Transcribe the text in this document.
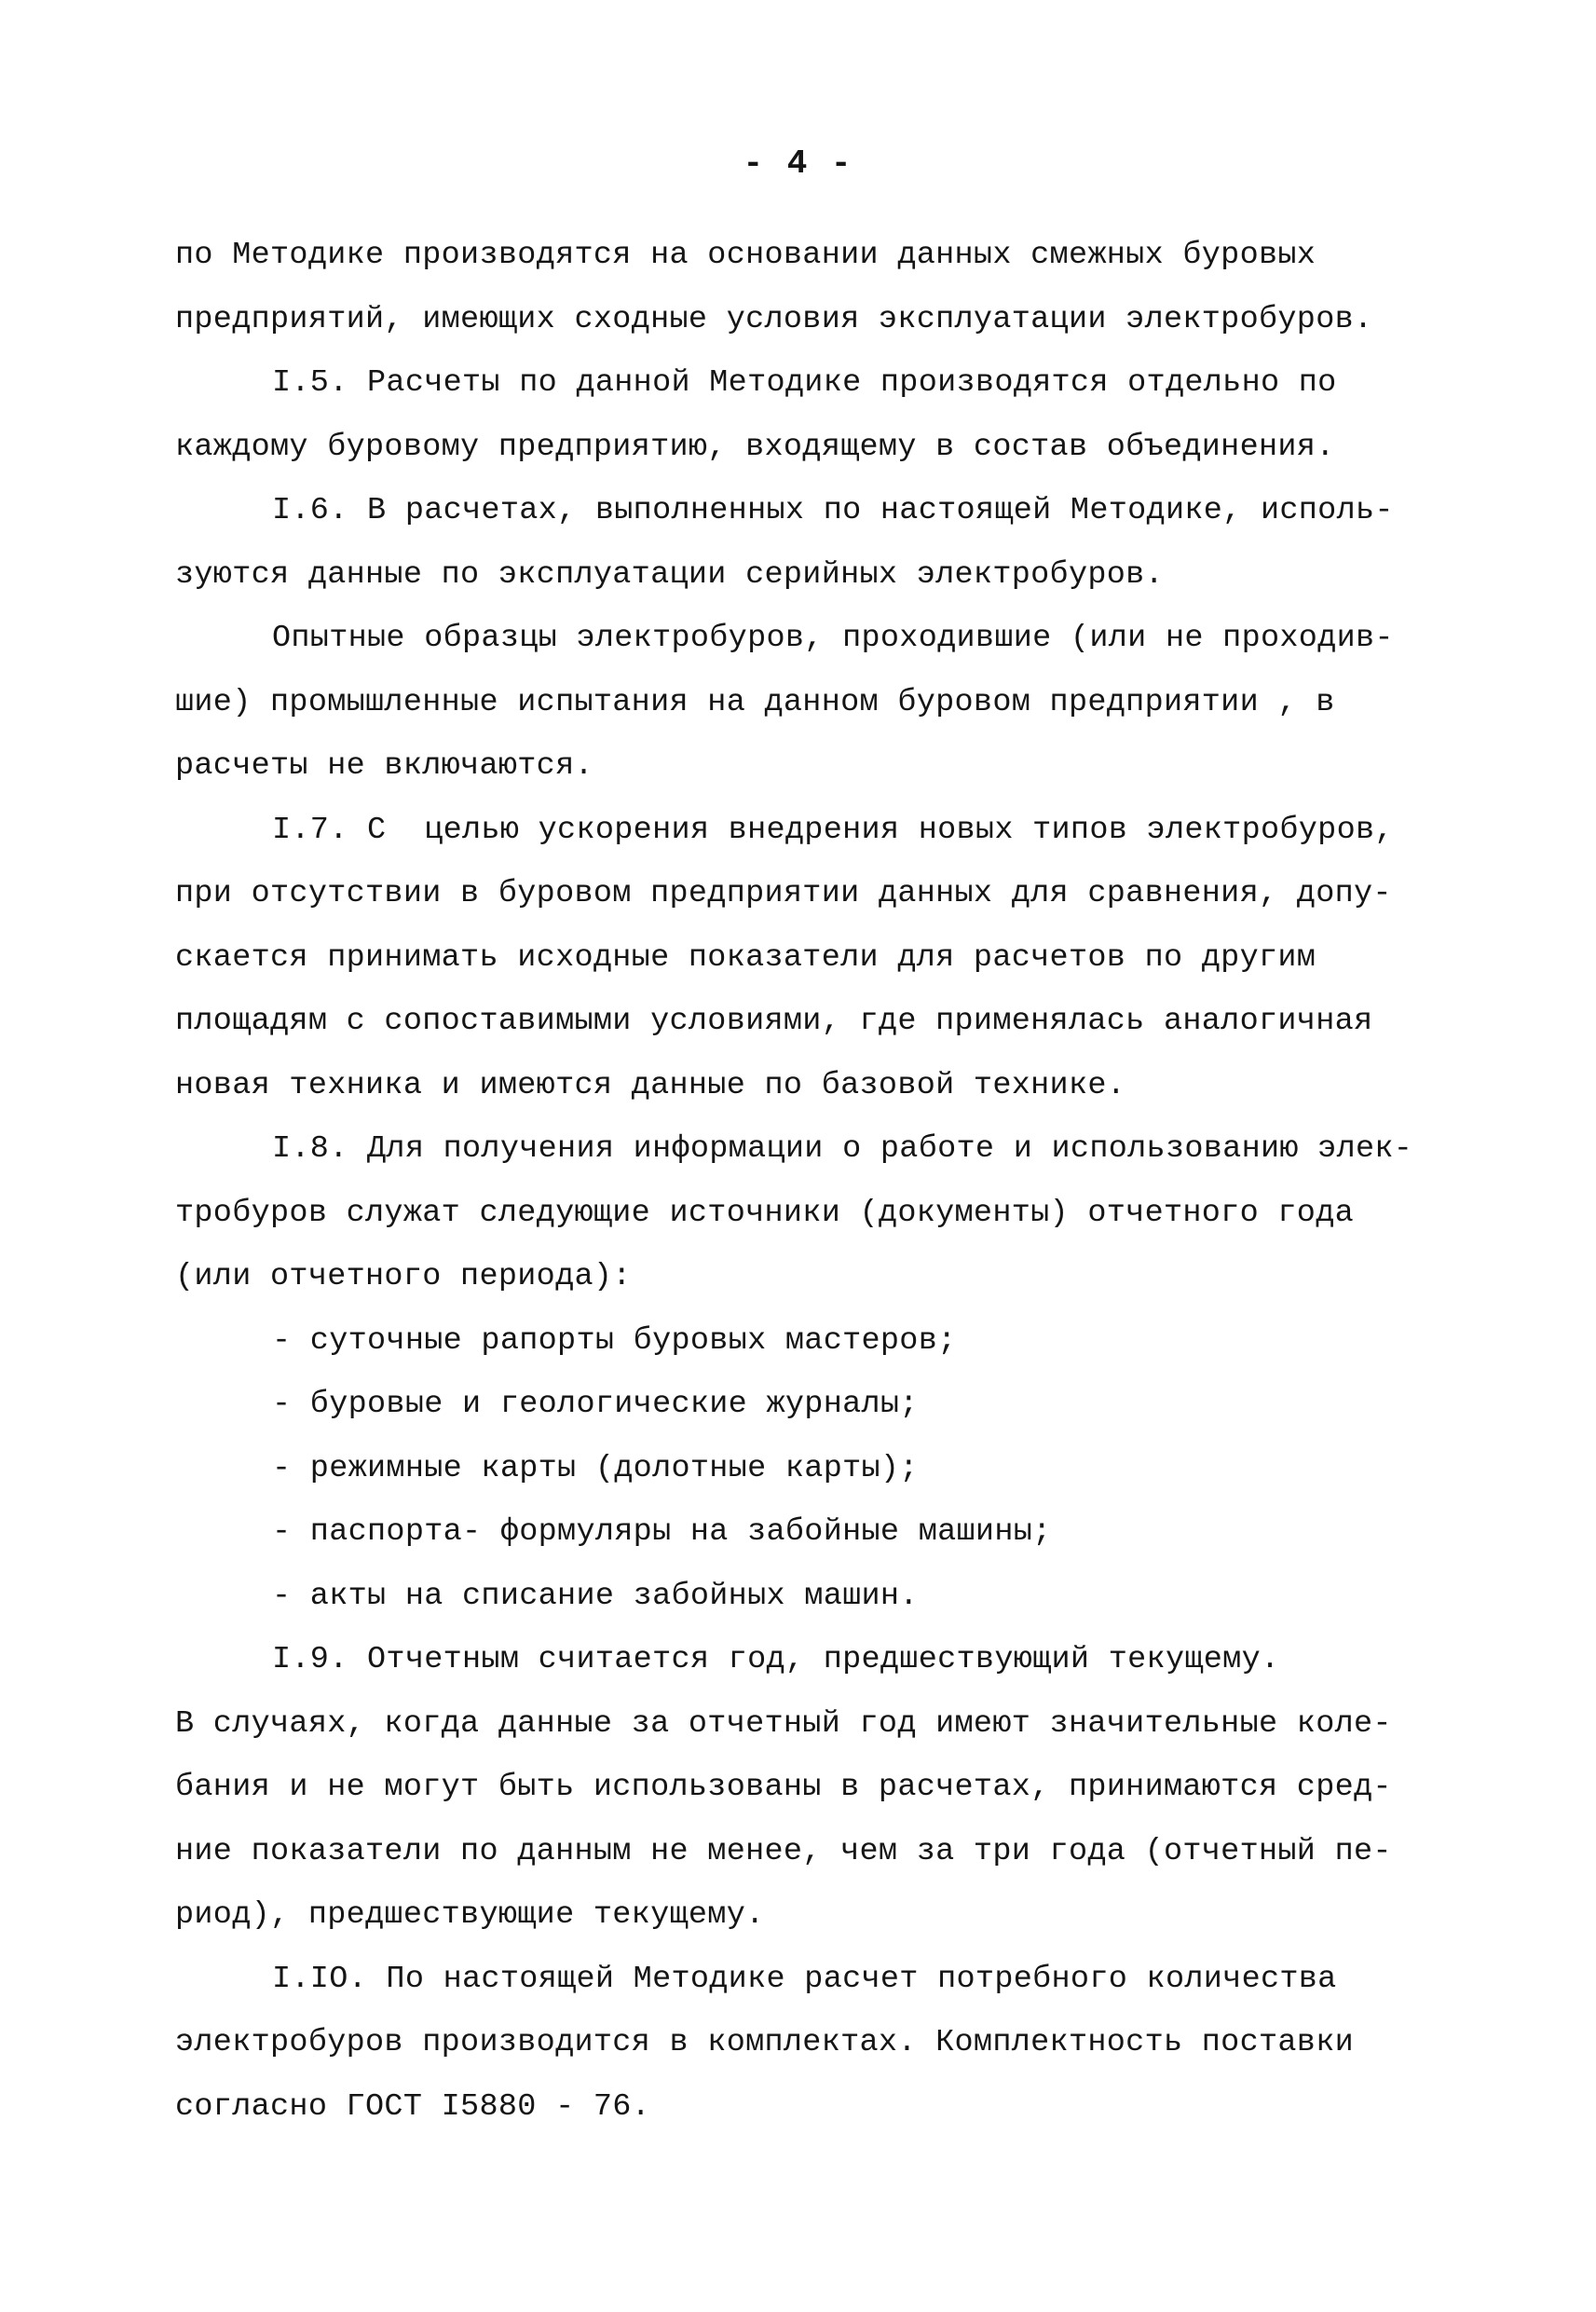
- 4 -
по Методике производятся на основании данных смежных буровых
предприятий, имеющих сходные условия эксплуатации электробуров.
I.5. Расчеты по данной Методике производятся отдельно по
каждому буровому предприятию, входящему в состав объединения.
I.6. В расчетах, выполненных по настоящей Методике, исполь-
зуются данные по эксплуатации серийных электробуров.
Опытные образцы электробуров, проходившие (или не проходив-
шие) промышленные испытания на данном буровом предприятии , в
расчеты не включаются.
I.7. С  целью ускорения внедрения новых типов электробуров,
при отсутствии в буровом предприятии данных для сравнения, допу-
скается принимать исходные показатели для расчетов по другим
площадям с сопоставимыми условиями, где применялась аналогичная
новая техника и имеются данные по базовой технике.
I.8. Для получения информации о работе и использованию элек-
тробуров служат следующие источники (документы) отчетного года
(или отчетного периода):
- суточные рапорты буровых мастеров;
- буровые и геологические журналы;
- режимные карты (долотные карты);
- паспорта- формуляры на забойные машины;
- акты на списание забойных машин.
I.9. Отчетным считается год, предшествующий текущему.
В случаях, когда данные за отчетный год имеют значительные коле-
бания и не могут быть использованы в расчетах, принимаются сред-
ние показатели по данным не менее, чем за три года (отчетный пе-
риод), предшествующие текущему.
I.IO. По настоящей Методике расчет потребного количества
электробуров производится в комплектах. Комплектность поставки
согласно ГОСТ I5880 - 76.
